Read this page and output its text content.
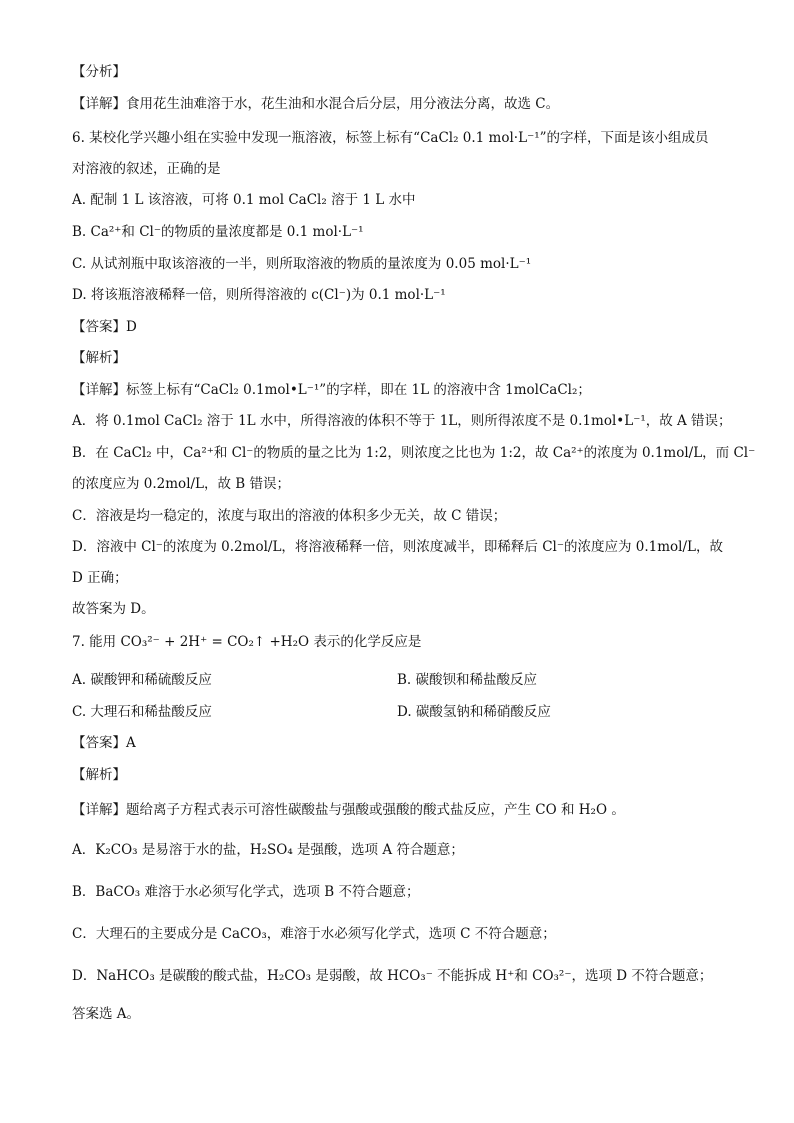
【分析】
【详解】食用花生油难溶于水，花生油和水混合后分层，用分液法分离，故选 C。
6. 某校化学兴趣小组在实验中发现一瓶溶液，标签上标有“CaCl₂ 0.1 mol·L⁻¹”的字样，下面是该小组成员
对溶液的叙述，正确的是
A. 配制 1 L 该溶液，可将 0.1 mol CaCl₂ 溶于 1 L 水中
B. Ca²⁺和 Cl⁻的物质的量浓度都是 0.1 mol·L⁻¹
C. 从试剂瓶中取该溶液的一半，则所取溶液的物质的量浓度为 0.05 mol·L⁻¹
D. 将该瓶溶液稀释一倍，则所得溶液的 c(Cl⁻)为 0.1 mol·L⁻¹
【答案】D
【解析】
【详解】标签上标有“CaCl₂ 0.1mol•L⁻¹”的字样，即在 1L 的溶液中含 1molCaCl₂；
A．将 0.1mol CaCl₂ 溶于 1L 水中，所得溶液的体积不等于 1L，则所得浓度不是 0.1mol•L⁻¹，故 A 错误；
B．在 CaCl₂ 中，Ca²⁺和 Cl⁻的物质的量之比为 1:2，则浓度之比也为 1:2，故 Ca²⁺的浓度为 0.1mol/L，而 Cl⁻
的浓度应为 0.2mol/L，故 B 错误；
C．溶液是均一稳定的，浓度与取出的溶液的体积多少无关，故 C 错误；
D．溶液中 Cl⁻的浓度为 0.2mol/L，将溶液稀释一倍，则浓度减半，即稀释后 Cl⁻的浓度应为 0.1mol/L，故
D 正确；
故答案为 D。
7. 能用 CO₃²⁻ + 2H⁺ = CO₂↑ +H₂O 表示的化学反应是
A. 碳酸钾和稀硫酸反应	B. 碳酸钡和稀盐酸反应
C. 大理石和稀盐酸反应	D. 碳酸氢钠和稀硝酸反应
【答案】A
【解析】
【详解】题给离子方程式表示可溶性碳酸盐与强酸或强酸的酸式盐反应，产生 CO 和 H₂O 。
A．K₂CO₃ 是易溶于水的盐，H₂SO₄ 是强酸，选项 A 符合题意；
B．BaCO₃ 难溶于水必须写化学式，选项 B 不符合题意；
C．大理石的主要成分是 CaCO₃，难溶于水必须写化学式，选项 C 不符合题意；
D．NaHCO₃ 是碳酸的酸式盐，H₂CO₃ 是弱酸，故 HCO₃⁻ 不能拆成 H⁺和 CO₃²⁻，选项 D 不符合题意；
答案选 A。
